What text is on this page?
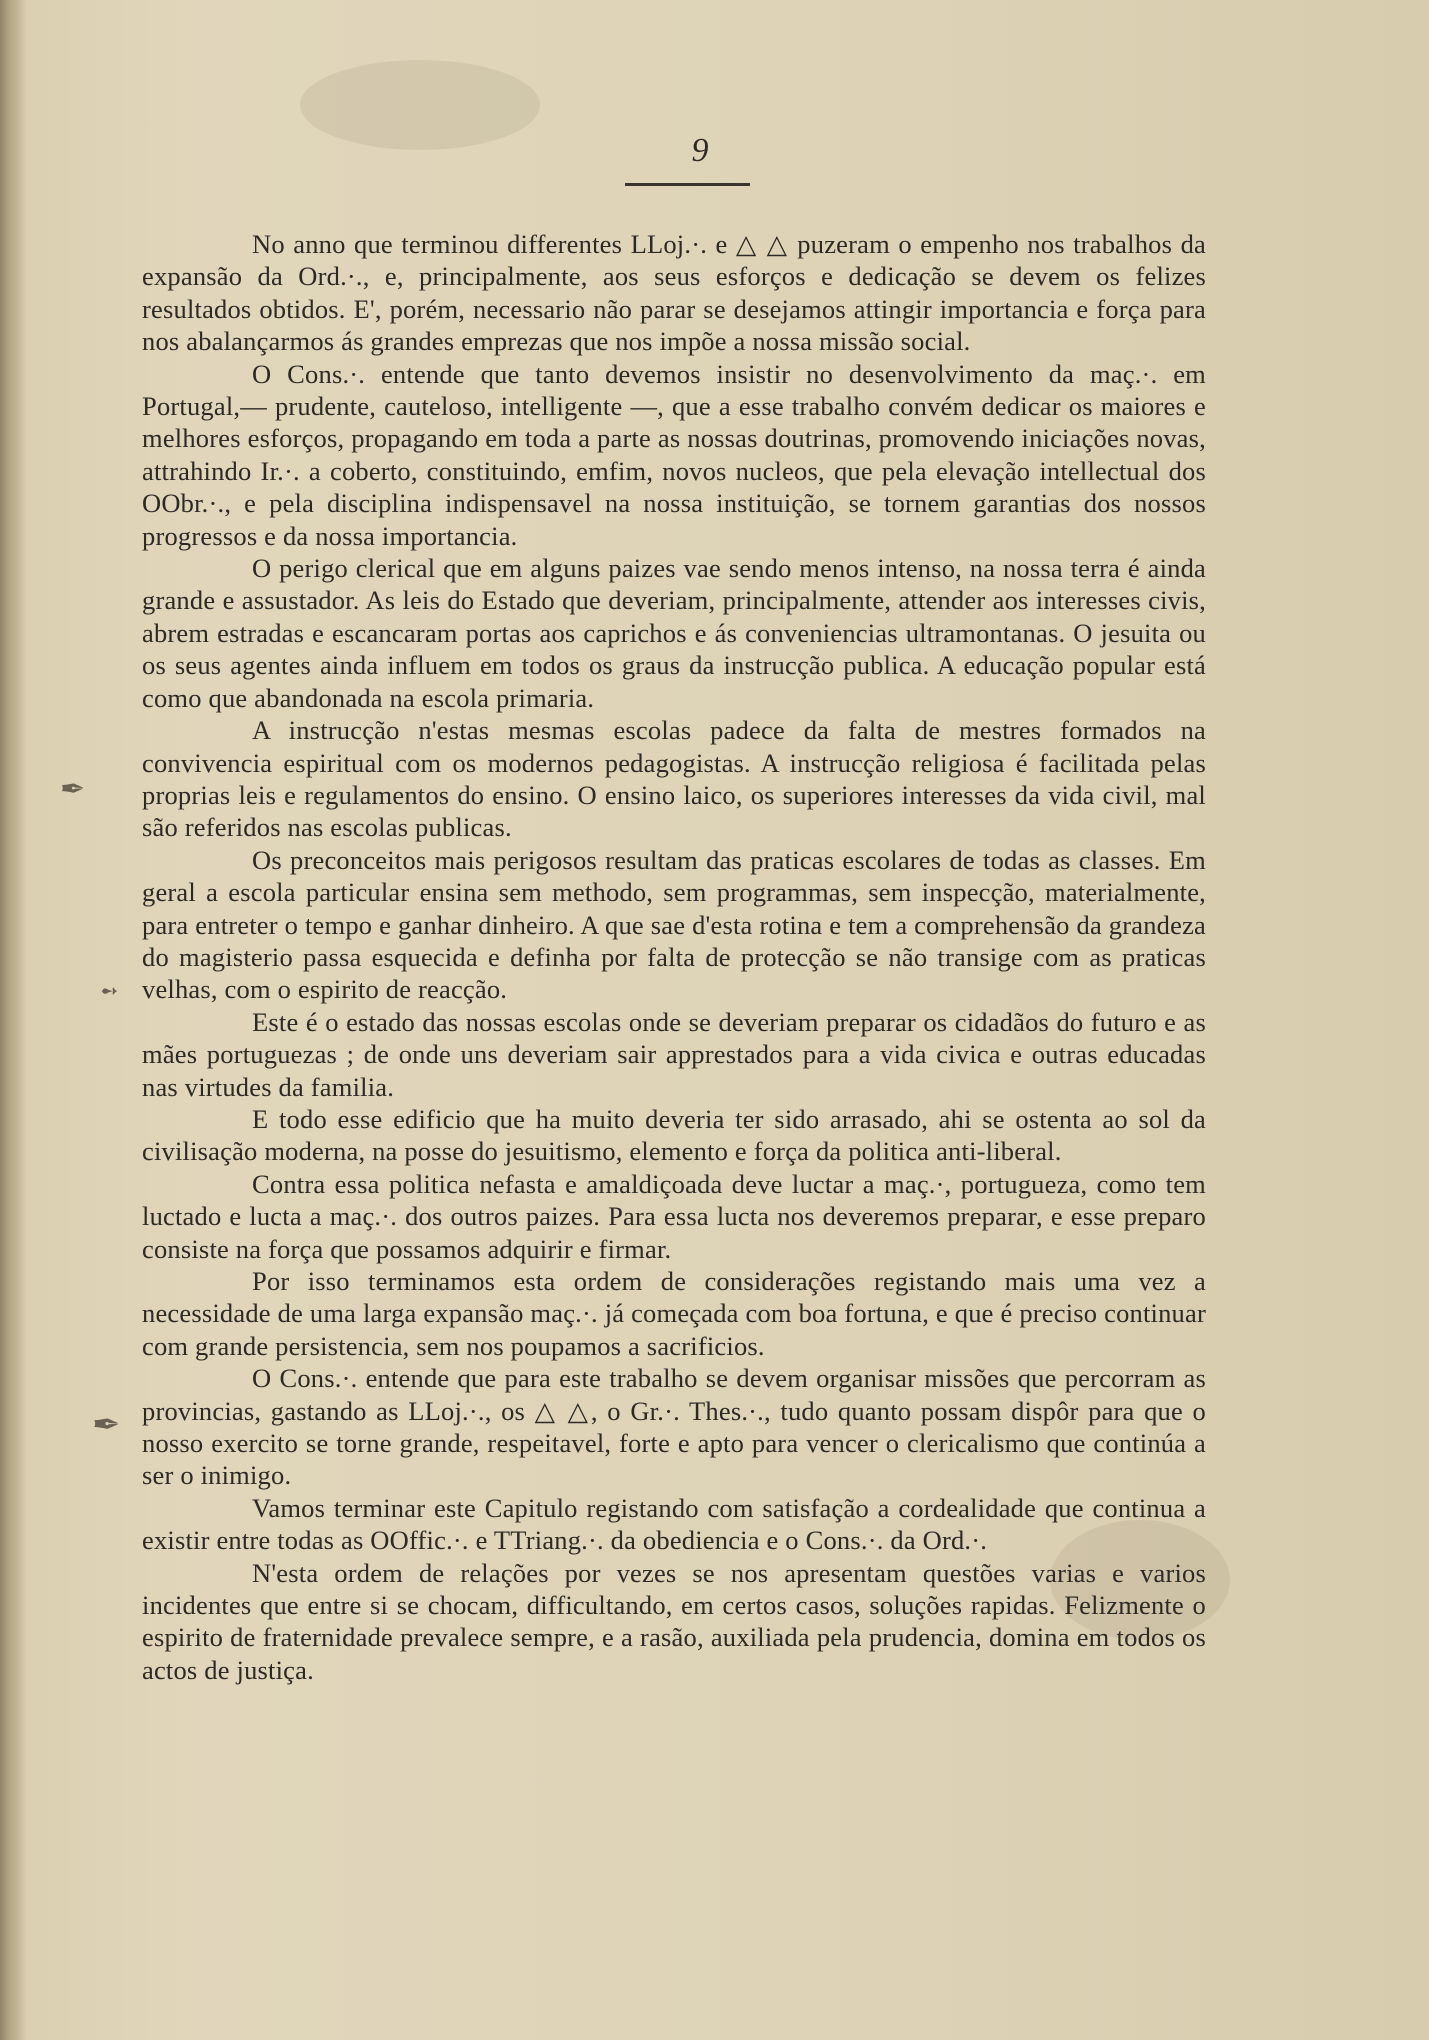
9
✒
➻
✒

No anno que terminou differentes LLoj.·. e △ △ puzeram o empenho nos trabalhos da expansão da Ord.·., e, principalmente, aos seus esforços e dedicação se devem os felizes resultados obtidos. E', porém, necessario não parar se desejamos attingir importancia e força para nos abalançarmos ás grandes emprezas que nos impõe a nossa missão social.

O Cons.·. entende que tanto devemos insistir no desenvolvimento da maç.·. em Portugal,— prudente, cauteloso, intelligente —, que a esse trabalho convém dedicar os maiores e melhores esforços, propagando em toda a parte as nossas doutrinas, promovendo iniciações novas, attrahindo Ir.·. a coberto, constituindo, emfim, novos nucleos, que pela elevação intellectual dos OObr.·., e pela disciplina indispensavel na nossa instituição, se tornem garantias dos nossos progressos e da nossa importancia.

O perigo clerical que em alguns paizes vae sendo menos intenso, na nossa terra é ainda grande e assustador. As leis do Estado que deveriam, principalmente, attender aos interesses civis, abrem estradas e escancaram portas aos caprichos e ás conveniencias ultramontanas. O jesuita ou os seus agentes ainda influem em todos os graus da instrucção publica. A educação popular está como que abandonada na escola primaria.

A instrucção n'estas mesmas escolas padece da falta de mestres formados na convivencia espiritual com os modernos pedagogistas. A instrucção religiosa é facilitada pelas proprias leis e regulamentos do ensino. O ensino laico, os superiores interesses da vida civil, mal são referidos nas escolas publicas.

Os preconceitos mais perigosos resultam das praticas escolares de todas as classes. Em geral a escola particular ensina sem methodo, sem programmas, sem inspecção, materialmente, para entreter o tempo e ganhar dinheiro. A que sae d'esta rotina e tem a comprehensão da grandeza do magisterio passa esquecida e definha por falta de protecção se não transige com as praticas velhas, com o espirito de reacção.

Este é o estado das nossas escolas onde se deveriam preparar os cidadãos do futuro e as mães portuguezas ; de onde uns deveriam sair apprestados para a vida civica e outras educadas nas virtudes da familia.

E todo esse edificio que ha muito deveria ter sido arrasado, ahi se ostenta ao sol da civilisação moderna, na posse do jesuitismo, elemento e força da politica anti-liberal.

Contra essa politica nefasta e amaldiçoada deve luctar a maç.·, portugueza, como tem luctado e lucta a maç.·. dos outros paizes. Para essa lucta nos deveremos preparar, e esse preparo consiste na força que possamos adquirir e firmar.

Por isso terminamos esta ordem de considerações registando mais uma vez a necessidade de uma larga expansão maç.·. já começada com boa fortuna, e que é preciso continuar com grande persistencia, sem nos poupamos a sacrificios.

O Cons.·. entende que para este trabalho se devem organisar missões que percorram as provincias, gastando as LLoj.·., os △ △, o Gr.·. Thes.·., tudo quanto possam dispôr para que o nosso exercito se torne grande, respeitavel, forte e apto para vencer o clericalismo que continúa a ser o inimigo.

Vamos terminar este Capitulo registando com satisfação a cordealidade que continua a existir entre todas as OOffic.·. e TTriang.·. da obediencia e o Cons.·. da Ord.·.

N'esta ordem de relações por vezes se nos apresentam questões varias e varios incidentes que entre si se chocam, difficultando, em certos casos, soluções rapidas. Felizmente o espirito de fraternidade prevalece sempre, e a rasão, auxiliada pela prudencia, domina em todos os actos de justiça.
